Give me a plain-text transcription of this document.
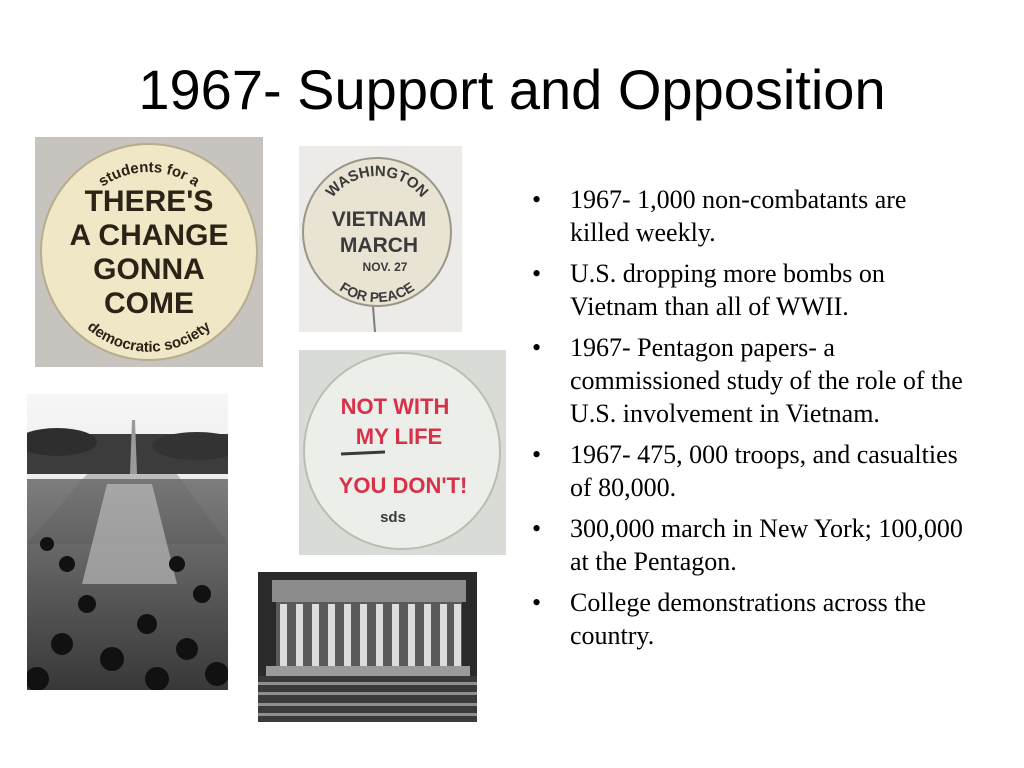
1967- Support and Opposition
students for a
THERE'S
A CHANGE
GONNA
COME
democratic society
WASHINGTON
VIETNAM
MARCH
NOV. 27
FOR PEACE
NOT WITH
MY LIFE
YOU DON'T!
sds
• 1967- 1,000 non-combatants are killed weekly.
• U.S. dropping more bombs on Vietnam than all of WWII.
• 1967- Pentagon papers- a commissioned study of the role of the U.S. involvement in Vietnam.
• 1967- 475, 000 troops, and casualties of 80,000.
• 300,000 march in New York; 100,000 at the Pentagon.
• College demonstrations across the country.
